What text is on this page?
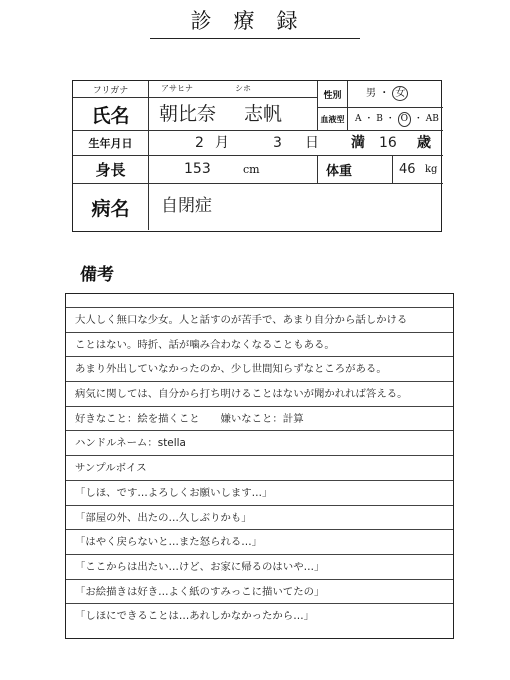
診療録
フリガナ	アサヒナ	シホ
氏名	朝比奈 志帆
性別	男 ・ 女
血液型	A ・ B ・ O ・ AB
生年月日	2 月	3 日 満 16 歳
身長	153	cm	体重	46 kg
病名	自閉症
備考
大人しく無口な少女。人と話すのが苦手で、あまり自分から話しかける
ことはない。時折、話が噛み合わなくなることもある。
あまり外出していなかったのか、少し世間知らずなところがある。
病気に関しては、自分から打ち明けることはないが聞かれれば答える。
好きなこと：絵を描くこと　　嫌いなこと：計算
ハンドルネーム：stella
サンプルボイス
「しほ、です…よろしくお願いします…」
「部屋の外、出たの…久しぶりかも」
「はやく戻らないと…また怒られる…」
「ここからは出たい…けど、お家に帰るのはいや…」
「お絵描きは好き…よく紙のすみっこに描いてたの」
「しほにできることは…あれしかなかったから…」
